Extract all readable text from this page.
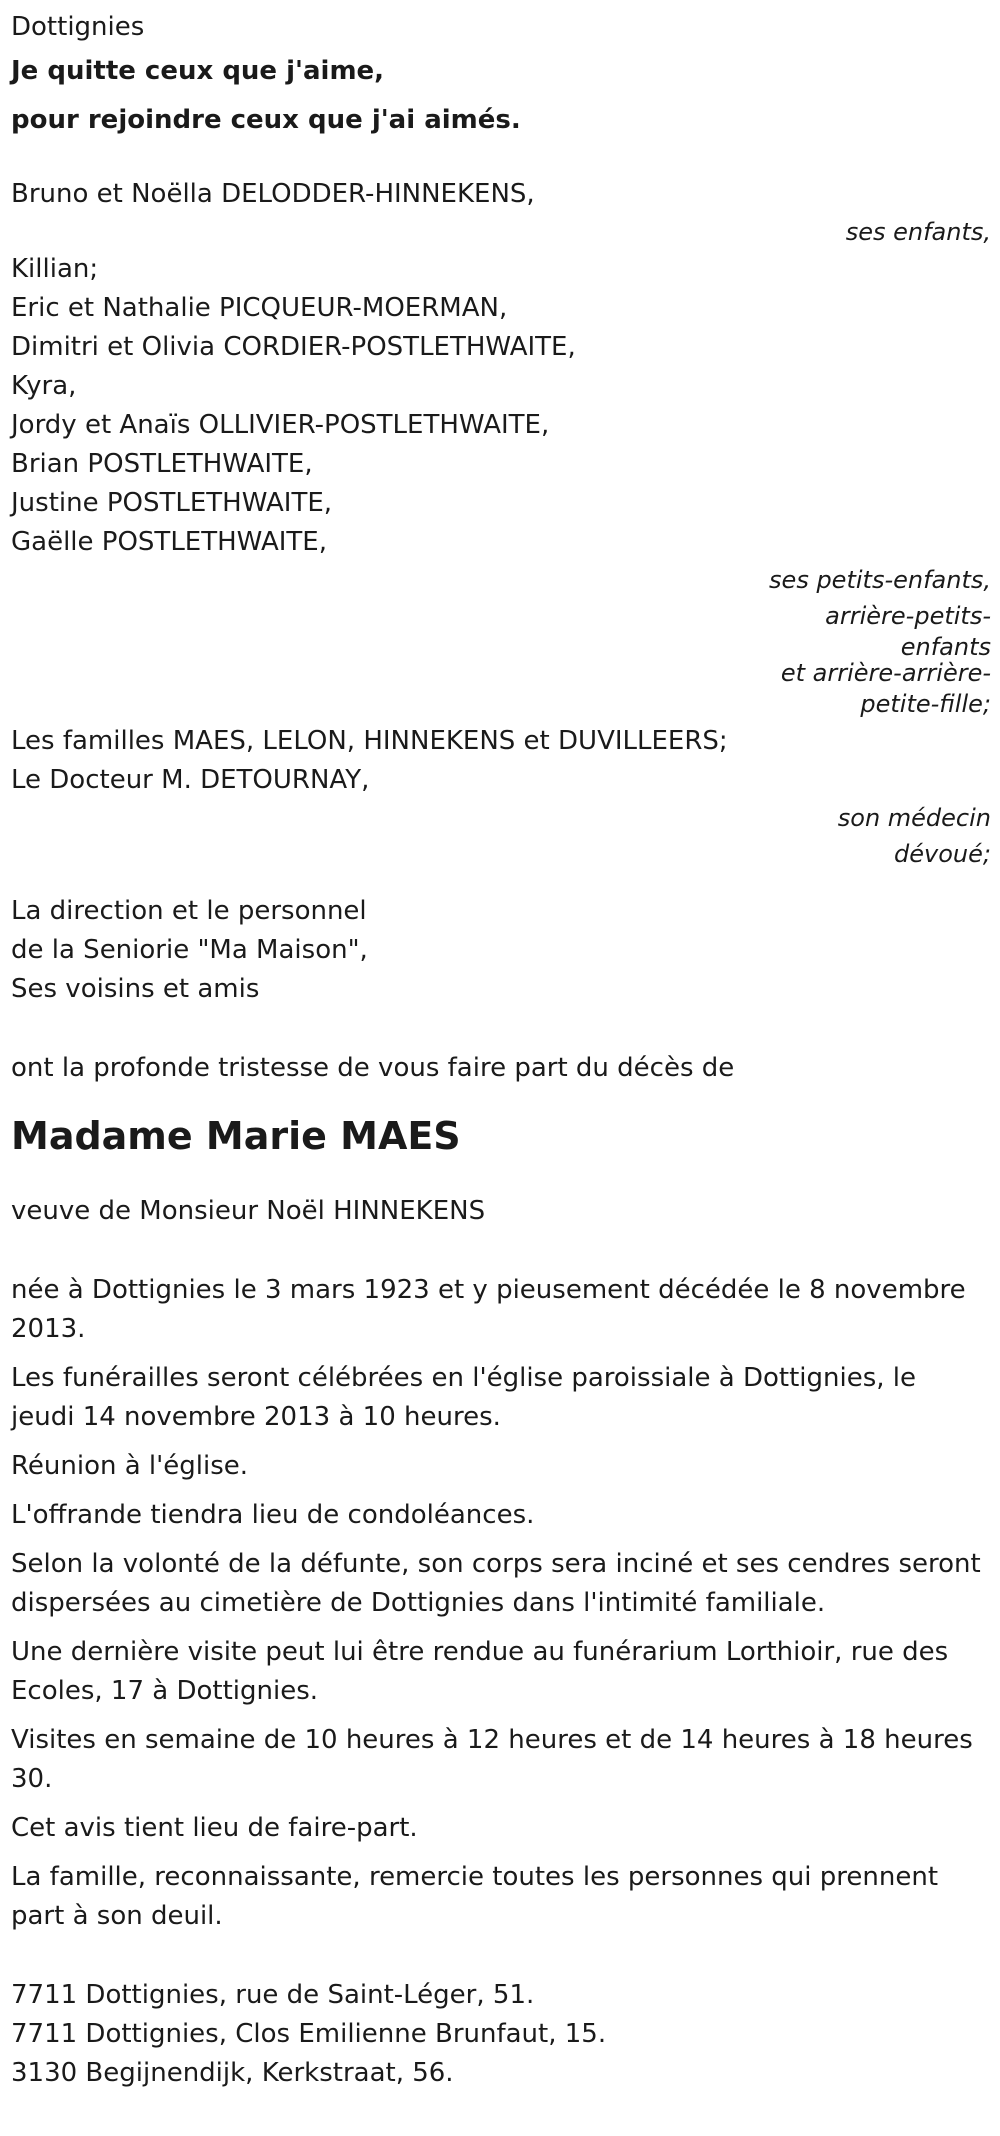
Dottignies
Je quitte ceux que j'aime,
pour rejoindre ceux que j'ai aimés.
Bruno et Noëlla DELODDER-HINNEKENS,
ses enfants,
Killian;
Eric et Nathalie PICQUEUR-MOERMAN,
Dimitri et Olivia CORDIER-POSTLETHWAITE,
Kyra,
Jordy et Anaïs OLLIVIER-POSTLETHWAITE,
Brian POSTLETHWAITE,
Justine POSTLETHWAITE,
Gaëlle POSTLETHWAITE,
ses petits-enfants,
arrière-petits-
enfants
et arrière-arrière-
petite-fille;
Les familles MAES, LELON, HINNEKENS et DUVILLEERS;
Le Docteur M. DETOURNAY,
son médecin
dévoué;
La direction et le personnel
de la Seniorie "Ma Maison",
Ses voisins et amis
ont la profonde tristesse de vous faire part du décès de
Madame Marie MAES
veuve de Monsieur Noël HINNEKENS
née à Dottignies le 3 mars 1923 et y pieusement décédée le 8 novembre 2013.
Les funérailles seront célébrées en l'église paroissiale à Dottignies, le jeudi 14 novembre 2013 à 10 heures.
Réunion à l'église.
L'offrande tiendra lieu de condoléances.
Selon la volonté de la défunte, son corps sera inciné et ses cendres seront dispersées au cimetière de Dottignies dans l'intimité familiale.
Une dernière visite peut lui être rendue au funérarium Lorthioir, rue des Ecoles, 17 à Dottignies.
Visites en semaine de 10 heures à 12 heures et de 14 heures à 18 heures 30.
Cet avis tient lieu de faire-part.
La famille, reconnaissante, remercie toutes les personnes qui prennent part à son deuil.
7711 Dottignies, rue de Saint-Léger, 51.
7711 Dottignies, Clos Emilienne Brunfaut, 15.
3130 Begijnendijk, Kerkstraat, 56.
